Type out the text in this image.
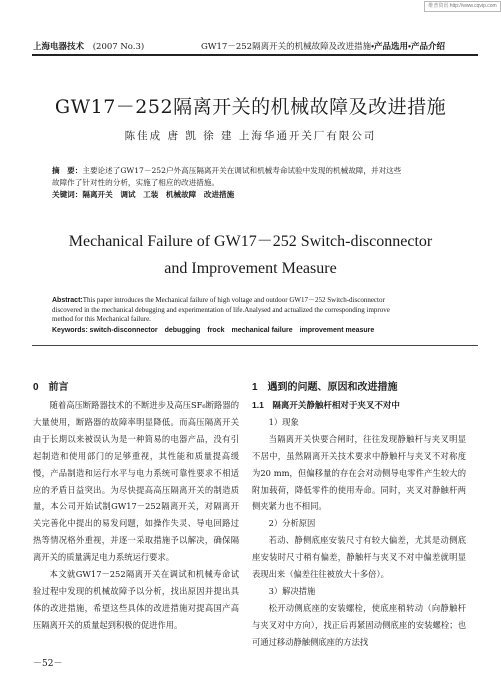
维普资讯 http://www.cqvip.com
上海电器技术 (2007 No.3)	GW17－252隔离开关的机械故障及改进措施•产品选用•产品介绍
GW17－252隔离开关的机械故障及改进措施
陈佳成 唐 凯 徐 建 上海华通开关厂有限公司
摘　要：主要论述了GW17－252户外高压隔离开关在调试和机械寿命试验中发现的机械故障，并对这些
故障作了针对性的分析，实施了相应的改进措施。
关键词：隔离开关　调试　工装　机械故障　改进措施
Mechanical Failure of GW17－252 Switch-disconnector
and Improvement Measure
Abstract:This paper introduces the Mechanical failure of high voltage and outdoor GW17－252 Switch-disconnector
discovered in the mechanical debugging and experimentation of life.Analysed and actualized the corresponding improve
method for this Mechanical failure.
Keywords: switch-disconnector　debugging　frock　mechanical failure　improvement measure
0　前言

随着高压断路器技术的不断进步及高压SF₆断路器的大量使用，断路器的故障率明显降低。而高压隔离开关由于长期以来被误认为是一种简易的电器产品，没有引起制造和使用部门的足够重视，其性能和质量提高缓慢，产品制造和运行水平与电力系统可靠性要求不相适应的矛盾日益突出。为尽快提高高压隔离开关的制造质量，本公司开始试制GW17－252隔离开关，对隔离开关完善化中提出的易发问题，如操作失灵、导电回路过热等情况格外重视，并逐一采取措施予以解决，确保隔离开关的质量满足电力系统运行要求。

本文就GW17－252隔离开关在调试和机械寿命试验过程中发现的机械故障予以分析，找出原因并提出具体的改进措施，希望这些具体的改进措施对提高国产高压隔离开关的质量起到积极的促进作用。

1　遇到的问题、原因和改进措施
1.1　隔离开关静触杆相对于夹叉不对中

1）现象

当隔离开关快要合闸时，往往发现静触杆与夹叉明显不居中，虽然隔离开关技术要求中静触杆与夹叉不对称度为20 mm，但偏移量的存在会对动侧导电零件产生较大的附加载荷，降低零件的使用寿命。同时，夹叉对静触杆两侧夹紧力也不相同。

2）分析原因

若动、静侧底座安装尺寸有较大偏差，尤其是动侧底座安装时尺寸稍有偏差，静触杆与夹叉不对中偏差就明显表现出来（偏差往往被放大十多倍）。

3）解决措施

松开动侧底座的安装螺栓，使底座稍转动（向静触杆与夹叉对中方向），找正后再紧固动侧底座的安装螺栓；也可通过移动静触侧底座的方法找

－52－
